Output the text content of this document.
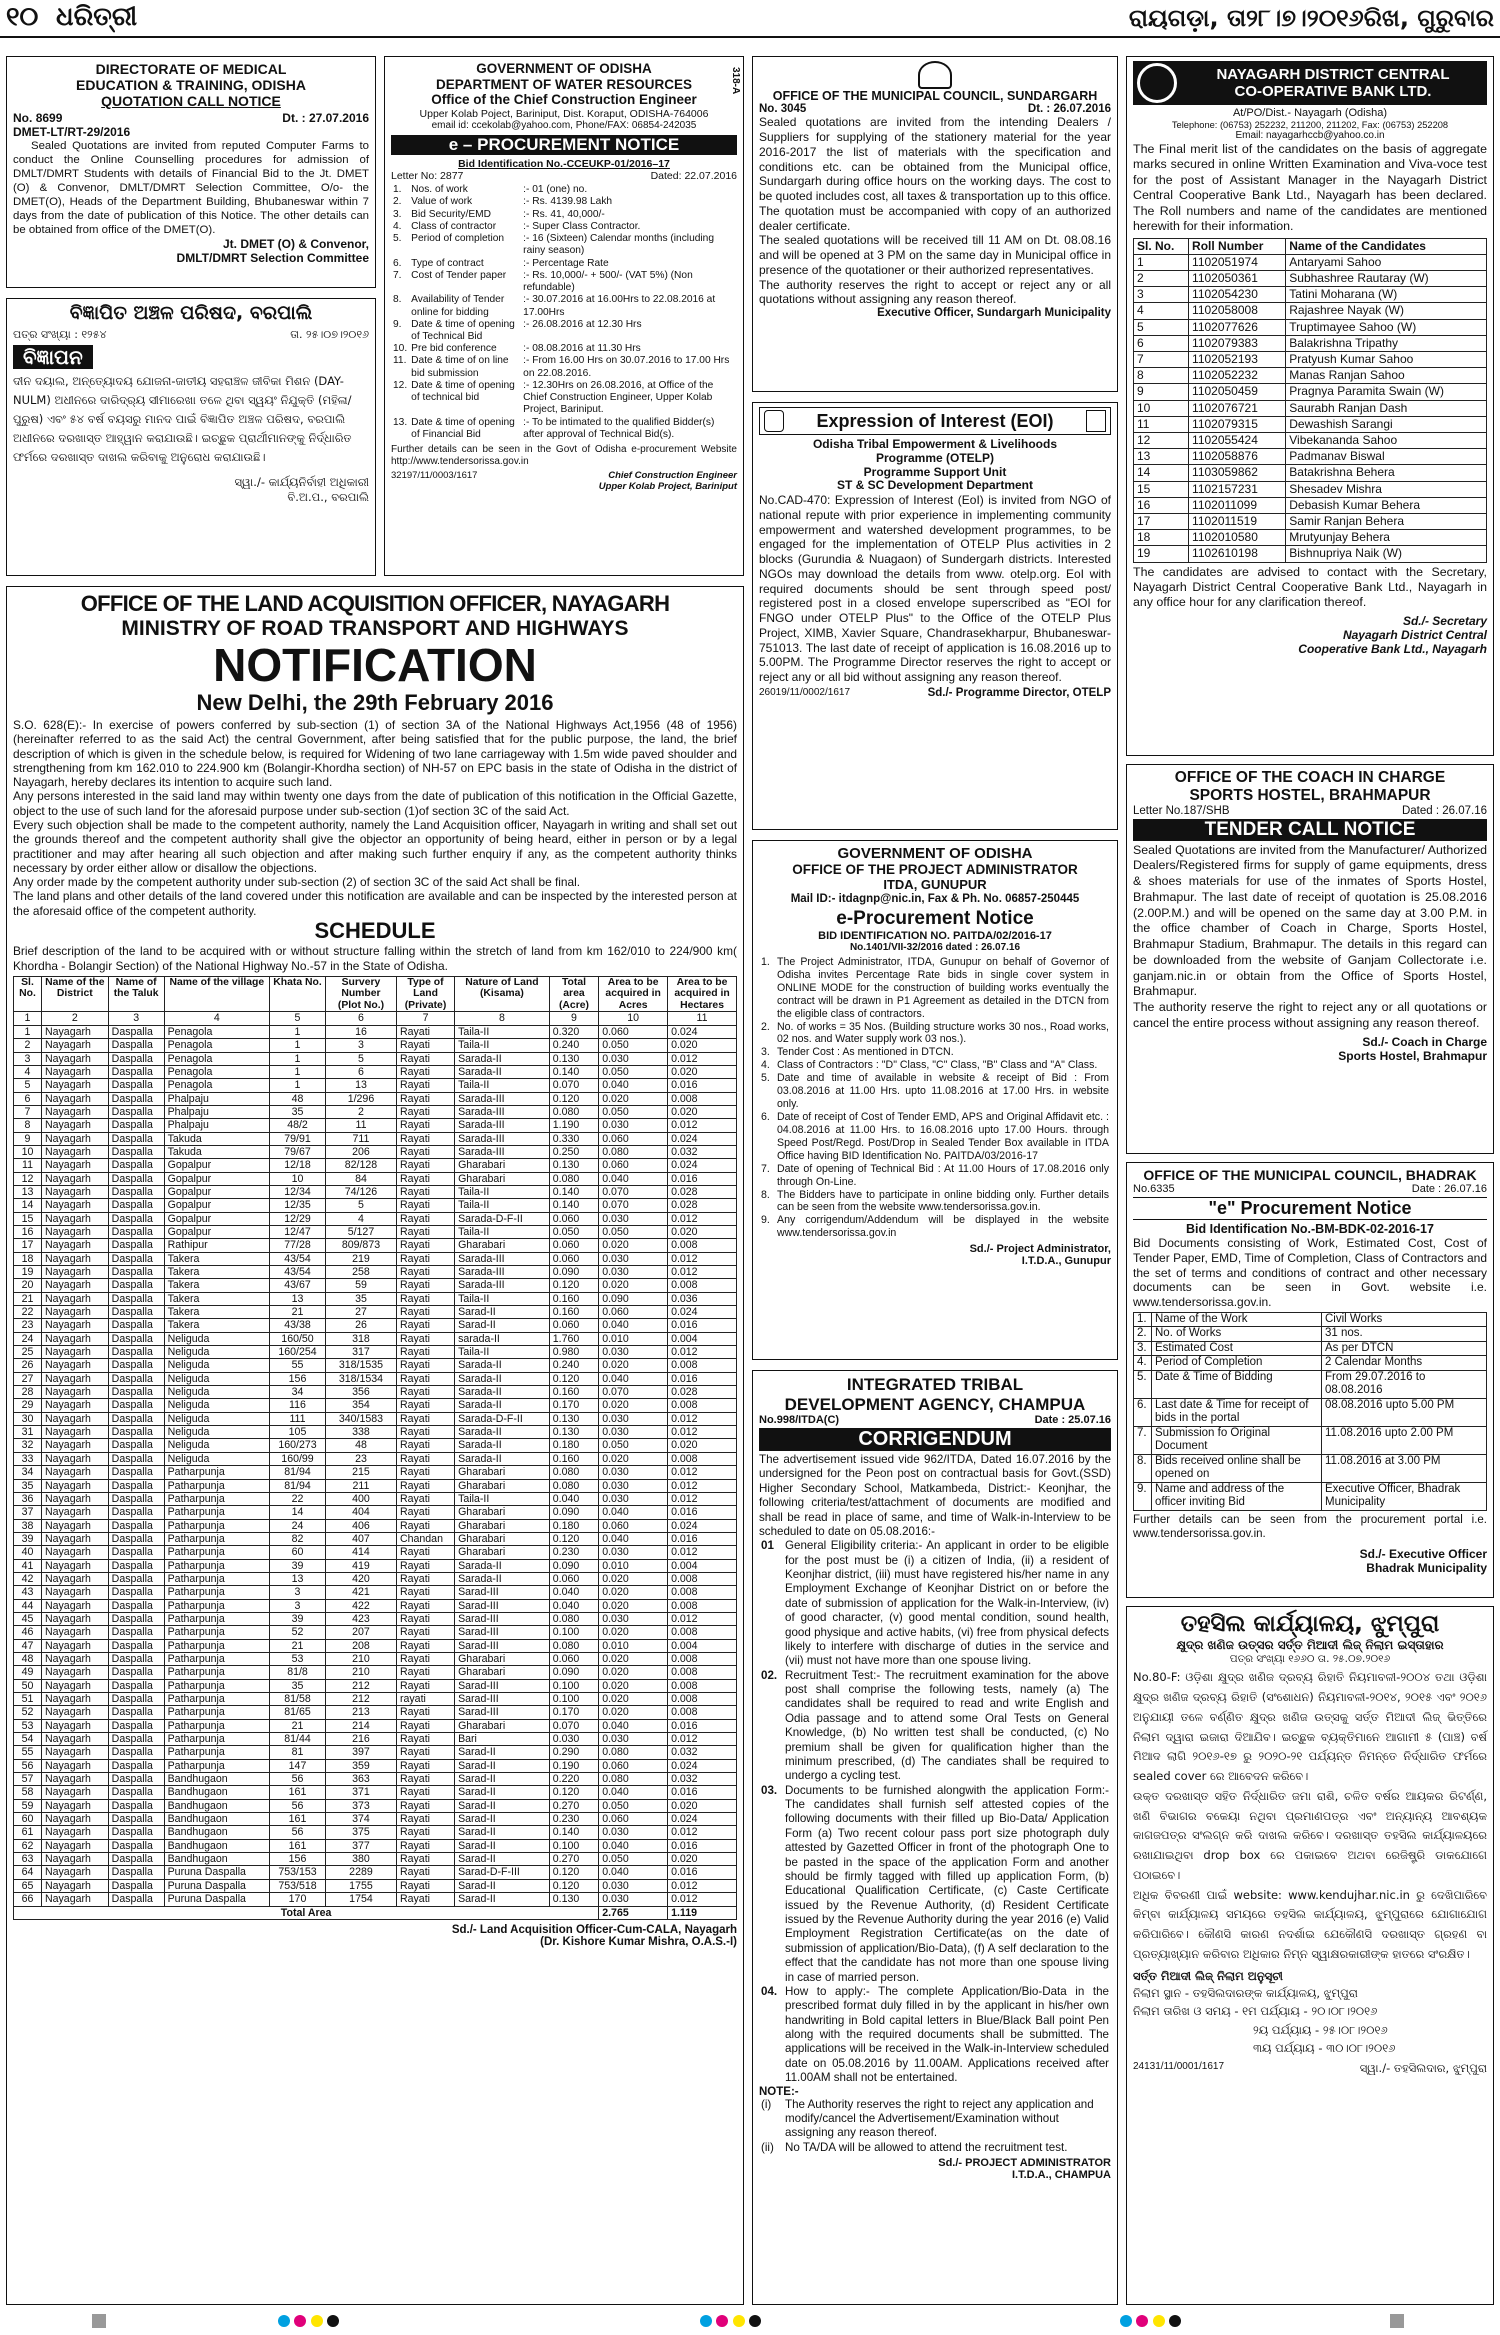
୧୦ ଧରିତ୍ରୀ	ରାୟଗଡ଼ା, ତା୨୮।୭।୨୦୧୬ରିଖ, ଗୁରୁବାର
DIRECTORATE OF MEDICAL
EDUCATION & TRAINING, ODISHA
QUOTATION CALL NOTICE
No. 8699	Dt. : 27.07.2016
DMET-LT/RT-29/2016
Sealed Quotations are invited from reputed Computer Farms to conduct the Online Counselling procedures for admission of DMLT/DMRT Students with details of Financial Bid to the Jt. DMET (O) & Convenor, DMLT/DMRT Selection Committee, O/o- the DMET(O), Heads of the Department Building, Bhubaneswar within 7 days from the date of publication of this Notice. The other details can be obtained from office of the DMET(O).
Jt. DMET (O) & Convenor,
DMLT/DMRT Selection Committee
ବିଜ୍ଞାପିତ ଅଞ୍ଚଳ ପରିଷଦ, ବରପାଲି
ପତ୍ର ସଂଖ୍ୟା : ୧୨୫୪	ତା. ୨୫।୦୭।୨୦୧୬
ବିଜ୍ଞାପନ
ଦୀନ ଦୟାଲ, ଅନ୍ତ୍ୟୋଦୟ ଯୋଜନା-ଜାତୀୟ ସହରାଞ୍ଚଳ ଜୀବିକା ମିଶନ (DAY-NULM) ଅଧୀନରେ ଦାରିଦ୍ର୍ୟ ସୀମାରେଖା ତଳେ ଥିବା ସ୍ୱୟଂ ନିଯୁକ୍ତି (ମହିଳା/ପୁରୁଷ) ଏବଂ ୫୪ ବର୍ଷ ବୟସରୁ ମାନଦ ପାଇଁ ବିଜ୍ଞାପିତ ଅଞ୍ଚଳ ପରିଷଦ, ବରପାଲି ଅଧୀନରେ ଦରଖାସ୍ତ ଆହ୍ୱାନ କରାଯାଉଛି। ଇଚ୍ଛୁକ ପ୍ରାର୍ଥୀମାନଙ୍କୁ ନିର୍ଦ୍ଧାରିତ ଫର୍ମରେ ଦରଖାସ୍ତ ଦାଖଲ କରିବାକୁ ଅନୁରୋଧ କରାଯାଉଛି।
ସ୍ୱା./- କାର୍ଯ୍ୟନିର୍ବାହୀ ଅଧିକାରୀ
ବି.ଅ.ପ., ବରପାଲି
318-A
GOVERNMENT OF ODISHA
DEPARTMENT OF WATER RESOURCES
Office of the Chief Construction Engineer
Upper Kolab Poject, Bariniput, Dist. Koraput, ODISHA-764006
email id: ccekolab@yahoo.com, Phone/FAX: 06854-242035
e – PROCUREMENT NOTICE
Bid Identification No.-CCEUKP-01/2016–17
Letter No: 2877	Dated: 22.07.2016
1.	Nos. of work	:- 01 (one) no.
2.	Value of work	:- Rs. 4139.98 Lakh
3.	Bid Security/EMD	:- Rs. 41, 40,000/-
4.	Class of contractor	:- Super Class Contractor.
5.	Period of completion	:- 16 (Sixteen) Calendar months (including rainy season)
6.	Type of contract	:- Percentage Rate
7.	Cost of Tender paper	:- Rs. 10,000/- + 500/- (VAT 5%) (Non refundable)
8.	Availability of Tender online for bidding	:- 30.07.2016 at 16.00Hrs to 22.08.2016 at 17.00Hrs
9.	Date & time of opening of Technical Bid	:- 26.08.2016 at 12.30 Hrs
10.	Pre bid conference	:- 08.08.2016 at 11.30 Hrs
11.	Date & time of on line bid submission	:- From 16.00 Hrs on 30.07.2016 to 17.00 Hrs on 22.08.2016.
12.	Date & time of opening of technical bid	:- 12.30Hrs on 26.08.2016, at Office of the Chief Construction Engineer, Upper Kolab Project, Bariniput.
13.	Date & time of opening of Financial Bid	:- To be intimated to the qualified Bidder(s) after approval of Technical Bid(s).
Further details can be seen in the Govt of Odisha e-procurement Website http://www.tendersorissa.gov.in
32197/11/0003/1617	Chief Construction Engineer
Upper Kolab Project, Bariniput
OFFICE OF THE MUNICIPAL COUNCIL, SUNDARGARH
No. 3045	Dt. : 26.07.2016
Sealed quotations are invited from the intending Dealers / Suppliers for supplying of the stationery material for the year 2016-2017 the list of materials with the specification and conditions etc. can be obtained from the Municipal office, Sundargarh during office hours on the working days. The cost to be quoted includes cost, all taxes & transportation up to this office. The quotation must be accompanied with copy of an authorized dealer certificate.
The sealed quotations will be received till 11 AM on Dt. 08.08.16 and will be opened at 3 PM on the same day in Municipal office in presence of the quotationer or their authorized representatives.
The authority reserves the right to accept or reject any or all quotations without assigning any reason thereof.
Executive Officer, Sundargarh Municipality
Expression of Interest (EOI)
Odisha Tribal Empowerment & Livelihoods
Programme (OTELP)
Programme Support Unit
ST & SC Development Department
No.CAD-470: Expression of Interest (EoI) is invited from NGO of national repute with prior experience in implementing community empowerment and watershed development programmes, to be engaged for the implementation of OTELP Plus activities in 2 blocks (Gurundia & Nuagaon) of Sundergarh districts. Interested NGOs may download the details from www. otelp.org. EoI with required documents should be sent through speed post/ registered post in a closed envelope superscribed as "EOI for FNGO under OTELP Plus" to the Office of the OTELP Plus Project, XIMB, Xavier Square, Chandrasekharpur, Bhubaneswar-751013. The last date of receipt of application is 16.08.2016 up to 5.00PM. The Programme Director reserves the right to accept or reject any or all bid without assigning any reason thereof.
26019/11/0002/1617	Sd./- Programme Director, OTELP
GOVERNMENT OF ODISHA
OFFICE OF THE PROJECT ADMINISTRATOR
ITDA, GUNUPUR
Mail ID:- itdagnp@nic.in, Fax & Ph. No. 06857-250445
e-Procurement Notice
BID IDENTIFICATION NO. PAITDA/02/2016-17
No.1401/VII-32/2016 dated : 26.07.16
1.	The Project Administrator, ITDA, Gunupur on behalf of Governor of Odisha invites Percentage Rate bids in single cover system in ONLINE MODE for the construction of building works eventually the contract will be drawn in P1 Agreement as detailed in the DTCN from the eligible class of contractors.
2.	No. of works = 35 Nos. (Building structure works 30 nos., Road works, 02 nos. and Water supply work 03 nos.).
3.	Tender Cost : As mentioned in DTCN.
4.	Class of Contractors : "D" Class, "C" Class, "B" Class and "A" Class.
5.	Date and time of available in website & receipt of Bid : From 03.08.2016 at 11.00 Hrs. upto 11.08.2016 at 17.00 Hrs. in website only.
6.	Date of receipt of Cost of Tender EMD, APS and Original Affidavit etc. : 04.08.2016 at 11.00 Hrs. to 16.08.2016 upto 17.00 Hours. through Speed Post/Regd. Post/Drop in Sealed Tender Box available in ITDA Office having BID Identification No. PAITDA/03/2016-17
7.	Date of opening of Technical Bid : At 11.00 Hours of 17.08.2016 only through On-Line.
8.	The Bidders have to participate in online bidding only. Further details can be seen from the website www.tendersorissa.gov.in.
9.	Any corrigendum/Addendum will be displayed in the website www.tendersorissa.gov.in
Sd./- Project Administrator,
I.T.D.A., Gunupur
INTEGRATED TRIBAL
DEVELOPMENT AGENCY, CHAMPUA
No.998/ITDA(C)	Date : 25.07.16
CORRIGENDUM
The advertisement issued vide 962/ITDA, Dated 16.07.2016 by the undersigned for the Peon post on contractual basis for Govt.(SSD) Higher Secondary School, Matkambeda, District:- Keonjhar, the following criteria/test/attachment of documents are modified and shall be read in place of same, and time of Walk-in-Interview to be scheduled to date on 05.08.2016:-
01	General Eligibility criteria:- An applicant in order to be eligible for the post must be (i) a citizen of India, (ii) a resident of Keonjhar district, (iii) must have registered his/her name in any Employment Exchange of Keonjhar District on or before the date of submission of application for the Walk-in-Interview, (iv) of good character, (v) good mental condition, sound health, good physique and active habits, (vi) free from physical defects likely to interfere with discharge of duties in the service and (vii) must not have more than one spouse living.
02.	Recruitment Test:- The recruitment examination for the above post shall comprise the following tests, namely (a) The candidates shall be required to read and write English and Odia passage and to attend some Oral Tests on General Knowledge, (b) No written test shall be conducted, (c) No premium shall be given for qualification higher than the minimum prescribed, (d) The candiates shall be required to undergo a cycling test.
03.	Documents to be furnished alongwith the application Form:- The candidates shall furnish self attested copies of the following documents with their filled up Bio-Data/ Application Form (a) Two recent colour pass port size photograph duly attested by Gazetted Officer in front of the photograph One to be pasted in the space of the application Form and another should be firmly tagged with filled up application Form, (b) Educational Qualification Certificate, (c) Caste Certificate issued by the Revenue Authority, (d) Resident Certificate issued by the Revenue Authority during the year 2016 (e) Valid Employment Registration Certificate(as on the date of submission of application/Bio-Data), (f) A self declaration to the effect that the candidate has not more than one spouse living in case of married person.
04.	How to apply:- The complete Application/Bio-Data in the prescribed format duly filled in by the applicant in his/her own handwriting in Bold capital letters in Blue/Black Ball point Pen along with the required documents shall be submitted. The applications will be received in the Walk-in-Interview scheduled date on 05.08.2016 by 11.00AM. Applications received after 11.00AM shall not be entertained.
NOTE:-
(i)	The Authority reserves the right to reject any application and modify/cancel the Advertisement/Examination without assigning any reason thereof.
(ii)	No TA/DA will be allowed to attend the recruitment test.
Sd./- PROJECT ADMINISTRATOR
I.T.D.A., CHAMPUA
NAYAGARH DISTRICT CENTRAL
CO-OPERATIVE BANK LTD.
At/PO/Dist.- Nayagarh (Odisha)
Telephone: (06753) 252232, 211200, 211202, Fax: (06753) 252208
Email: nayagarhccb@yahoo.co.in
The Final merit list of the candidates on the basis of aggregate marks secured in online Written Examination and Viva-voce test for the post of Assistant Manager in the Nayagarh District Central Cooperative Bank Ltd., Nayagarh has been declared. The Roll numbers and name of the candidates are mentioned herewith for their information.
Sl. No.	Roll Number	Name of the Candidates
1	1102051974	Antaryami Sahoo
2	1102050361	Subhashree Rautaray (W)
3	1102054230	Tatini Moharana (W)
4	1102058008	Rajashree Nayak (W)
5	1102077626	Truptimayee Sahoo (W)
6	1102079383	Balakrishna Tripathy
7	1102052193	Pratyush Kumar Sahoo
8	1102052232	Manas Ranjan Sahoo
9	1102050459	Pragnya Paramita Swain (W)
10	1102076721	Saurabh Ranjan Dash
11	1102079315	Dewashish Sarangi
12	1102055424	Vibekananda Sahoo
13	1102058876	Padmanav Biswal
14	1103059862	Batakrishna Behera
15	1102157231	Shesadev Mishra
16	1102011099	Debasish Kumar Behera
17	1102011519	Samir Ranjan Behera
18	1102010580	Mrutyunjay Behera
19	1102610198	Bishnupriya Naik (W)
The candidates are advised to contact with the Secretary, Nayagarh District Central Cooperative Bank Ltd., Nayagarh in any office hour for any clarification thereof.
Sd./- Secretary
Nayagarh District Central
Cooperative Bank Ltd., Nayagarh
OFFICE OF THE COACH IN CHARGE
SPORTS HOSTEL, BRAHMAPUR
Letter No.187/SHB	Dated : 26.07.16
TENDER CALL NOTICE
Sealed Quotations are invited from the Manufacturer/ Authorized Dealers/Registered firms for supply of game equipments, dress & shoes materials for use of the inmates of Sports Hostel, Brahmapur. The last date of receipt of quotation is 25.08.2016 (2.00P.M.) and will be opened on the same day at 3.00 P.M. in the office chamber of Coach in Charge, Sports Hostel, Brahmapur Stadium, Brahmapur. The details in this regard can be downloaded from the website of Ganjam Collectorate i.e. ganjam.nic.in or obtain from the Office of Sports Hostel, Brahmapur.
The authority reserve the right to reject any or all quotations or cancel the entire process without assigning any reason thereof.
Sd./- Coach in Charge
Sports Hostel, Brahmapur
OFFICE OF THE MUNICIPAL COUNCIL, BHADRAK
No.6335	Date : 26.07.16
"e" Procurement Notice
Bid Identification No.-BM-BDK-02-2016-17
Bid Documents consisting of Work, Estimated Cost, Cost of Tender Paper, EMD, Time of Completion, Class of Contractors and the set of terms and conditions of contract and other necessary documents can be seen in Govt. website i.e. www.tendersorissa.gov.in.
1.	Name of the Work	Civil Works
2.	No. of Works	31 nos.
3.	Estimated Cost	As per DTCN
4.	Period of Completion	2 Calendar Months
5.	Date & Time of Bidding	From 29.07.2016 to 08.08.2016
6.	Last date & Time for receipt of bids in the portal	08.08.2016 upto 5.00 PM
7.	Submission fo Original Document	11.08.2016 upto 2.00 PM
8.	Bids received online shall be opened on	11.08.2016 at 3.00 PM
9.	Name and address of the officer inviting Bid	Executive Officer, Bhadrak Municipality
Further details can be seen from the procurement portal i.e. www.tendersorissa.gov.in.
Sd./- Executive Officer
Bhadrak Municipality
ତହସିଲ କାର୍ଯ୍ୟାଳୟ, ଝୁମ୍ପୁରା
କ୍ଷୁଦ୍ର ଖଣିଜ ଉତ୍ସର ସର୍ତ୍ତ ମିଆଦୀ ଲିଜ୍ ନିଲାମ ଇସ୍ତାହାର
ପତ୍ର ସଂଖ୍ୟା ୧୬୬୦ ତା. ୨୫.୦୭.୨୦୧୬
No.80-F: ଓଡ଼ିଶା କ୍ଷୁଦ୍ର ଖଣିଜ ଦ୍ରବ୍ୟ ରିହାତି ନିୟମାବଳୀ-୨୦୦୪ ତଥା ଓଡ଼ିଶା କ୍ଷୁଦ୍ର ଖଣିଜ ଦ୍ରବ୍ୟ ରିହାତି (ସଂଶୋଧନ) ନିୟମାବଳୀ-୨୦୧୪, ୨୦୧୫ ଏବଂ ୨୦୧୬ ଅନୁଯାୟୀ ତଳେ ବର୍ଣ୍ଣିତ କ୍ଷୁଦ୍ର ଖଣିଜ ଉତ୍ସକୁ ସର୍ତ୍ତ ମିଆଦୀ ଲିଜ୍ ଭିତ୍ତିରେ ନିଲାମ ଦ୍ୱାରା ଇଜାରା ଦିଆଯିବ। ଇଚ୍ଛୁକ ବ୍ୟକ୍ତିମାନେ ଆଗାମୀ ୫ (ପାଞ୍ଚ) ବର୍ଷ ମିଆଦ ଲାଗି ୨୦୧୬-୧୭ ରୁ ୨୦୨୦-୨୧ ପର୍ଯ୍ୟନ୍ତ ନିମନ୍ତେ ନିର୍ଦ୍ଧାରିତ ଫର୍ମରେ sealed cover ରେ ଆବେଦନ କରିବେ।
ଉକ୍ତ ଦରଖାସ୍ତ ସହିତ ନିର୍ଦ୍ଧାରିତ ଜମା ରାଶି, ଚଳିତ ବର୍ଷର ଆୟକର ରିଟର୍ଣ୍ଣ, ଖଣି ବିଭାଗର ବକେୟା ନଥିବା ପ୍ରମାଣପତ୍ର ଏବଂ ଅନ୍ୟାନ୍ୟ ଆବଶ୍ୟକ କାଗଜପତ୍ର ସଂଲଗ୍ନ କରି ଦାଖଲ କରିବେ। ଦରଖାସ୍ତ ତହସିଲ କାର୍ଯ୍ୟାଳୟରେ ରଖାଯାଇଥିବା drop box ରେ ପକାଇବେ ଅଥବା ରେଜିଷ୍ଟ୍ରି ଡାକଯୋଗେ ପଠାଇବେ।
ଅଧିକ ବିବରଣୀ ପାଇଁ website: www.kendujhar.nic.in ରୁ ଦେଖିପାରିବେ କିମ୍ବା କାର୍ଯ୍ୟାଳୟ ସମୟରେ ତହସିଲ କାର୍ଯ୍ୟାଳୟ, ଝୁମ୍ପୁରାରେ ଯୋଗାଯୋଗ କରିପାରିବେ। କୌଣସି କାରଣ ନଦର୍ଶାଇ ଯେକୌଣସି ଦରଖାସ୍ତ ଗ୍ରହଣ ବା ପ୍ରତ୍ୟାଖ୍ୟାନ କରିବାର ଅଧିକାର ନିମ୍ନ ସ୍ୱାକ୍ଷରକାରୀଙ୍କ ହାତରେ ସଂରକ୍ଷିତ।
ସର୍ତ୍ତ ମିଆଦୀ ଲିଜ୍ ନିଲାମ ଅନୁସୂଚୀ
ନିଲାମ ସ୍ଥାନ - ତହସିଲଦାରଙ୍କ କାର୍ଯ୍ୟାଳୟ, ଝୁମ୍ପୁରା
ନିଲାମ ତାରିଖ ଓ ସମୟ - ୧ମ ପର୍ଯ୍ୟାୟ - ୨୦।୦୮।୨୦୧୬
୨ୟ ପର୍ଯ୍ୟାୟ - ୨୫।୦୮।୨୦୧୬
୩ୟ ପର୍ଯ୍ୟାୟ - ୩୦।୦୮।୨୦୧୬
24131/11/0001/1617	ସ୍ୱା./- ତହସିଲଦାର, ଝୁମ୍ପୁରା
OFFICE OF THE LAND ACQUISITION OFFICER, NAYAGARH
MINISTRY OF ROAD TRANSPORT AND HIGHWAYS
NOTIFICATION
New Delhi, the 29th February 2016
S.O. 628(E):- In exercise of powers conferred by sub-section (1) of section 3A of the National Highways Act,1956 (48 of 1956) (hereinafter referred to as the said Act) the central Government, after being satisfied that for the public purpose, the land, the brief description of which is given in the schedule below, is required for Widening of two lane carriageway with 1.5m wide paved shoulder and strengthening from km 162.010 to 224.900 km (Bolangir-Khordha section) of NH-57 on EPC basis in the state of Odisha in the district of Nayagarh, hereby declares its intention to acquire such land.
Any persons interested in the said land may within twenty one days from the date of publication of this notification in the Official Gazette, object to the use of such land for the aforesaid purpose under sub-section (1)of section 3C of the said Act.
Every such objection shall be made to the competent authority, namely the Land Acquisition officer, Nayagarh in writing and shall set out the grounds thereof and the competent authority shall give the objector an opportunity of being heard, either in person or by a legal practitioner and may after hearing all such objection and after making such further enquiry if any, as the competent authority thinks necessary by order either allow or disallow the objections.
Any order made by the competent authority under sub-section (2) of section 3C of the said Act shall be final.
The land plans and other details of the land covered under this notification are available and can be inspected by the interested person at the aforesaid office of the competent authority.
SCHEDULE
Brief description of the land to be acquired with or without structure falling within the stretch of land from km 162/010 to 224/900 km( Khordha - Bolangir Section) of the National Highway No.-57 in the State of Odisha.
Sl. No.	Name of the District	Name of the Taluk	Name of the village	Khata No.	Survery Number (Plot No.)	Type of Land (Private)	Nature of Land (Kisama)	Total area (Acre)	Area to be acquired in Acres	Area to be acquired in Hectares
1	2	3	4	5	6	7	8	9	10	11
1	Nayagarh	Daspalla	Penagola	1	16	Rayati	Taila-II	0.320	0.060	0.024
2	Nayagarh	Daspalla	Penagola	1	3	Rayati	Taila-II	0.240	0.050	0.020
3	Nayagarh	Daspalla	Penagola	1	5	Rayati	Sarada-II	0.130	0.030	0.012
4	Nayagarh	Daspalla	Penagola	1	6	Rayati	Sarada-II	0.140	0.050	0.020
5	Nayagarh	Daspalla	Penagola	1	13	Rayati	Taila-II	0.070	0.040	0.016
6	Nayagarh	Daspalla	Phalpaju	48	1/296	Rayati	Sarada-III	0.120	0.020	0.008
7	Nayagarh	Daspalla	Phalpaju	35	2	Rayati	Sarada-III	0.080	0.050	0.020
8	Nayagarh	Daspalla	Phalpaju	48/2	11	Rayati	Sarada-III	1.190	0.030	0.012
9	Nayagarh	Daspalla	Takuda	79/91	711	Rayati	Sarada-III	0.330	0.060	0.024
10	Nayagarh	Daspalla	Takuda	79/67	206	Rayati	Sarada-III	0.250	0.080	0.032
11	Nayagarh	Daspalla	Gopalpur	12/18	82/128	Rayati	Gharabari	0.130	0.060	0.024
12	Nayagarh	Daspalla	Gopalpur	10	84	Rayati	Gharabari	0.080	0.040	0.016
13	Nayagarh	Daspalla	Gopalpur	12/34	74/126	Rayati	Taila-II	0.140	0.070	0.028
14	Nayagarh	Daspalla	Gopalpur	12/35	5	Rayati	Taila-II	0.140	0.070	0.028
15	Nayagarh	Daspalla	Gopalpur	12/29	4	Rayati	Sarada-D-F-II	0.060	0.030	0.012
16	Nayagarh	Daspalla	Gopalpur	12/47	5/127	Rayati	Taila-II	0.050	0.050	0.020
17	Nayagarh	Daspalla	Rathipur	77/28	809/873	Rayati	Gharabari	0.060	0.020	0.008
18	Nayagarh	Daspalla	Takera	43/54	219	Rayati	Sarada-III	0.060	0.030	0.012
19	Nayagarh	Daspalla	Takera	43/54	258	Rayati	Sarada-III	0.090	0.030	0.012
20	Nayagarh	Daspalla	Takera	43/67	59	Rayati	Sarada-III	0.120	0.020	0.008
21	Nayagarh	Daspalla	Takera	13	35	Rayati	Taila-II	0.160	0.090	0.036
22	Nayagarh	Daspalla	Takera	21	27	Rayati	Sarad-II	0.160	0.060	0.024
23	Nayagarh	Daspalla	Takera	43/38	26	Rayati	Sarad-II	0.060	0.040	0.016
24	Nayagarh	Daspalla	Neliguda	160/50	318	Rayati	sarada-II	1.760	0.010	0.004
25	Nayagarh	Daspalla	Neliguda	160/254	317	Rayati	Taila-II	0.980	0.030	0.012
26	Nayagarh	Daspalla	Neliguda	55	318/1535	Rayati	Sarada-II	0.240	0.020	0.008
27	Nayagarh	Daspalla	Neliguda	156	318/1534	Rayati	Sarada-II	0.120	0.040	0.016
28	Nayagarh	Daspalla	Neliguda	34	356	Rayati	Sarada-II	0.160	0.070	0.028
29	Nayagarh	Daspalla	Neliguda	116	354	Rayati	Sarada-II	0.170	0.020	0.008
30	Nayagarh	Daspalla	Neliguda	111	340/1583	Rayati	Sarada-D-F-II	0.130	0.030	0.012
31	Nayagarh	Daspalla	Neliguda	105	338	Rayati	Sarada-II	0.130	0.030	0.012
32	Nayagarh	Daspalla	Neliguda	160/273	48	Rayati	Sarada-II	0.180	0.050	0.020
33	Nayagarh	Daspalla	Neliguda	160/99	23	Rayati	Sarada-II	0.160	0.020	0.008
34	Nayagarh	Daspalla	Patharpunja	81/94	215	Rayati	Gharabari	0.080	0.030	0.012
35	Nayagarh	Daspalla	Patharpunja	81/94	211	Rayati	Gharabari	0.080	0.030	0.012
36	Nayagarh	Daspalla	Patharpunja	22	400	Rayati	Taila-II	0.040	0.030	0.012
37	Nayagarh	Daspalla	Patharpunja	14	404	Rayati	Gharabari	0.090	0.040	0.016
38	Nayagarh	Daspalla	Patharpunja	24	406	Rayati	Gharabari	0.180	0.060	0.024
39	Nayagarh	Daspalla	Patharpunja	82	407	Chandan	Gharabari	0.120	0.040	0.016
40	Nayagarh	Daspalla	Patharpunja	60	414	Rayati	Gharabari	0.230	0.030	0.012
41	Nayagarh	Daspalla	Patharpunja	39	419	Rayati	Sarada-II	0.090	0.010	0.004
42	Nayagarh	Daspalla	Patharpunja	13	420	Rayati	Sarada-II	0.060	0.020	0.008
43	Nayagarh	Daspalla	Patharpunja	3	421	Rayati	Sarad-III	0.040	0.020	0.008
44	Nayagarh	Daspalla	Patharpunja	3	422	Rayati	Sarad-III	0.040	0.020	0.008
45	Nayagarh	Daspalla	Patharpunja	39	423	Rayati	Sarad-III	0.080	0.030	0.012
46	Nayagarh	Daspalla	Patharpunja	52	207	Rayati	Sarad-III	0.100	0.020	0.008
47	Nayagarh	Daspalla	Patharpunja	21	208	Rayati	Sarad-III	0.080	0.010	0.004
48	Nayagarh	Daspalla	Patharpunja	53	210	Rayati	Gharabari	0.060	0.020	0.008
49	Nayagarh	Daspalla	Patharpunja	81/8	210	Rayati	Gharabari	0.090	0.020	0.008
50	Nayagarh	Daspalla	Patharpunja	35	212	Rayati	Sarad-III	0.100	0.020	0.008
51	Nayagarh	Daspalla	Patharpunja	81/58	212	rayati	Sarad-III	0.100	0.020	0.008
52	Nayagarh	Daspalla	Patharpunja	81/65	213	Rayati	Sarad-III	0.170	0.020	0.008
53	Nayagarh	Daspalla	Patharpunja	21	214	Rayati	Gharabari	0.070	0.040	0.016
54	Nayagarh	Daspalla	Patharpunja	81/44	216	Rayati	Bari	0.030	0.030	0.012
55	Nayagarh	Daspalla	Patharpunja	81	397	Rayati	Sarad-II	0.290	0.080	0.032
56	Nayagarh	Daspalla	Patharpunja	147	359	Rayati	Sarad-II	0.190	0.060	0.024
57	Nayagarh	Daspalla	Bandhugaon	56	363	Rayati	Sarad-II	0.220	0.080	0.032
58	Nayagarh	Daspalla	Bandhugaon	161	371	Rayati	Sarad-II	0.120	0.040	0.016
59	Nayagarh	Daspalla	Bandhugaon	56	373	Rayati	Sarad-II	0.270	0.050	0.020
60	Nayagarh	Daspalla	Bandhugaon	161	374	Rayati	Sarad-II	0.230	0.060	0.024
61	Nayagarh	Daspalla	Bandhugaon	56	375	Rayati	Sarad-II	0.140	0.030	0.012
62	Nayagarh	Daspalla	Bandhugaon	161	377	Rayati	Sarad-II	0.100	0.040	0.016
63	Nayagarh	Daspalla	Bandhugaon	156	380	Rayati	Sarad-II	0.270	0.050	0.020
64	Nayagarh	Daspalla	Puruna Daspalla	753/153	2289	Rayati	Sarad-D-F-III	0.120	0.040	0.016
65	Nayagarh	Daspalla	Puruna Daspalla	753/518	1755	Rayati	Sarad-II	0.120	0.030	0.012
66	Nayagarh	Daspalla	Puruna Daspalla	170	1754	Rayati	Sarad-II	0.130	0.030	0.012
Total Area									2.765	1.119
Sd./- Land Acquisition Officer-Cum-CALA, Nayagarh
(Dr. Kishore Kumar Mishra, O.A.S.-I)
